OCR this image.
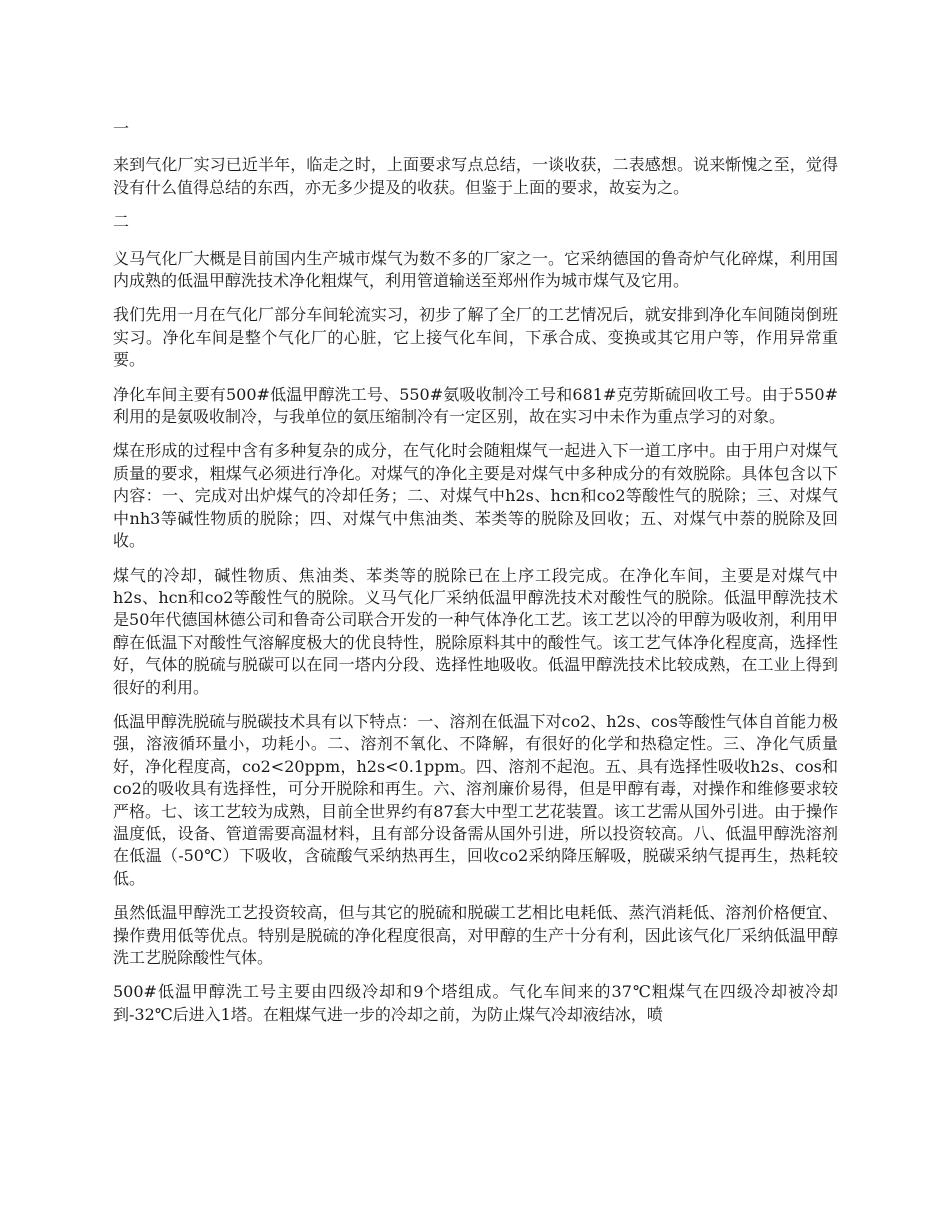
一

来到气化厂实习已近半年，临走之时，上面要求写点总结，一谈收获，二表感想。说来惭愧之至，觉得没有什么值得总结的东西，亦无多少提及的收获。但鉴于上面的要求，故妄为之。

二

义马气化厂大概是目前国内生产城市煤气为数不多的厂家之一。它采纳德国的鲁奇炉气化碎煤，利用国内成熟的低温甲醇洗技术净化粗煤气，利用管道输送至郑州作为城市煤气及它用。

我们先用一月在气化厂部分车间轮流实习，初步了解了全厂的工艺情况后，就安排到净化车间随岗倒班实习。净化车间是整个气化厂的心脏，它上接气化车间，下承合成、变换或其它用户等，作用异常重要。

净化车间主要有500#低温甲醇洗工号、550#氨吸收制冷工号和681#克劳斯硫回收工号。由于550#利用的是氨吸收制冷，与我单位的氨压缩制冷有一定区别，故在实习中未作为重点学习的对象。

煤在形成的过程中含有多种复杂的成分，在气化时会随粗煤气一起进入下一道工序中。由于用户对煤气质量的要求，粗煤气必须进行净化。对煤气的净化主要是对煤气中多种成分的有效脱除。具体包含以下内容：一、完成对出炉煤气的冷却任务；二、对煤气中h2s、hcn和co2等酸性气的脱除；三、对煤气中nh3等碱性物质的脱除；四、对煤气中焦油类、苯类等的脱除及回收；五、对煤气中萘的脱除及回收。

煤气的冷却，碱性物质、焦油类、苯类等的脱除已在上序工段完成。在净化车间，主要是对煤气中h2s、hcn和co2等酸性气的脱除。义马气化厂采纳低温甲醇洗技术对酸性气的脱除。低温甲醇洗技术是50年代德国林德公司和鲁奇公司联合开发的一种气体净化工艺。该工艺以冷的甲醇为吸收剂，利用甲醇在低温下对酸性气溶解度极大的优良特性，脱除原料其中的酸性气。该工艺气体净化程度高，选择性好，气体的脱硫与脱碳可以在同一塔内分段、选择性地吸收。低温甲醇洗技术比较成熟，在工业上得到很好的利用。

低温甲醇洗脱硫与脱碳技术具有以下特点：一、溶剂在低温下对co2、h2s、cos等酸性气体自首能力极强，溶液循环量小，功耗小。二、溶剂不氧化、不降解，有很好的化学和热稳定性。三、净化气质量好，净化程度高，co2<20ppm，h2s<0.1ppm。四、溶剂不起泡。五、具有选择性吸收h2s、cos和co2的吸收具有选择性，可分开脱除和再生。六、溶剂廉价易得，但是甲醇有毒，对操作和维修要求较严格。七、该工艺较为成熟，目前全世界约有87套大中型工艺花装置。该工艺需从国外引进。由于操作温度低，设备、管道需要高温材料，且有部分设备需从国外引进，所以投资较高。八、低温甲醇洗溶剂在低温（-50℃）下吸收，含硫酸气采纳热再生，回收co2采纳降压解吸，脱碳采纳气提再生，热耗较低。

虽然低温甲醇洗工艺投资较高，但与其它的脱硫和脱碳工艺相比电耗低、蒸汽消耗低、溶剂价格便宜、操作费用低等优点。特别是脱硫的净化程度很高，对甲醇的生产十分有利，因此该气化厂采纳低温甲醇洗工艺脱除酸性气体。

500#低温甲醇洗工号主要由四级冷却和9个塔组成。气化车间来的37℃粗煤气在四级冷却被冷却到-32℃后进入1塔。在粗煤气进一步的冷却之前，为防止煤气冷却液结冰，喷
